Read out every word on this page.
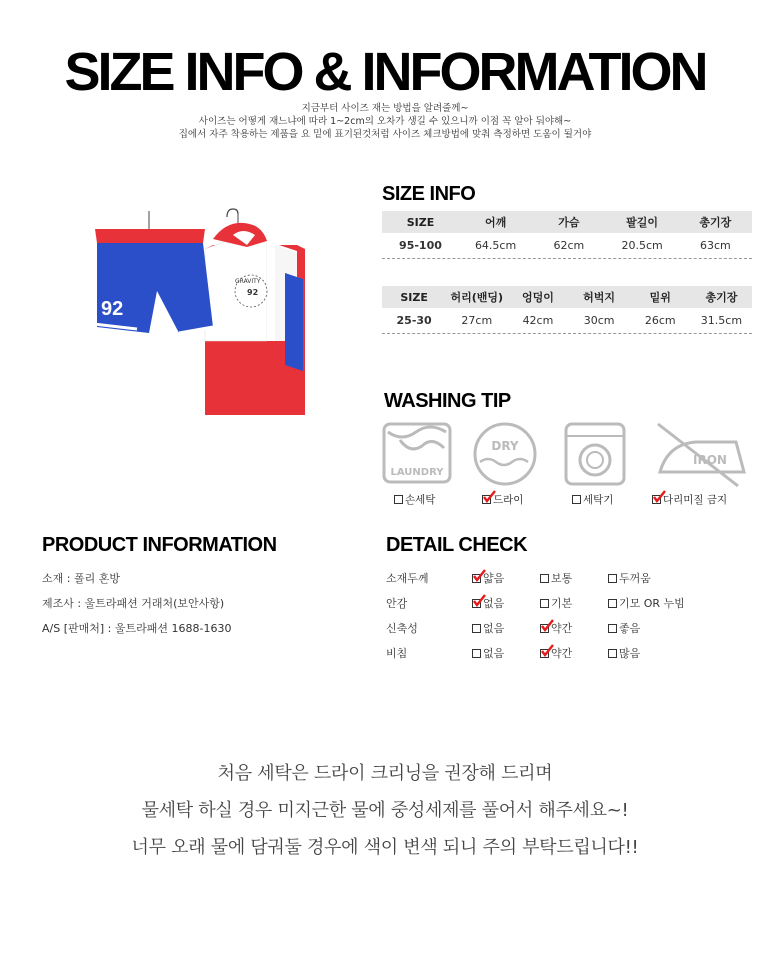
SIZE INFO & INFORMATION
지금부터 사이즈 재는 방법을 알려줄께~
사이즈는 어떻게 재느냐에 따라 1~2cm의 오차가 생길 수 있으니까 이점 꼭 알아 둬야해~
집에서 자주 착용하는 제품을 요 밑에 표기된것처럼 사이즈 체크방법에 맞춰 측정하면 도움이 될거야
GRAVITY
92
92
SIZE INFO
SIZE	어깨	가슴	팔길이	총기장
95-100	64.5cm	62cm	20.5cm	63cm
SIZE	허리(밴딩)	엉덩이	허벅지	밑위	총기장
25-30	27cm	42cm	30cm	26cm	31.5cm
WASHING TIP
LAUNDRY
DRY
IRON
손세탁	드라이	세탁기	다리미질 금지
PRODUCT INFORMATION
소재 : 폴리 혼방
제조사 : 울트라패션 거래처(보안사항)
A/S [판매처] : 울트라패션 1688-1630
DETAIL CHECK
소재두께	얇음	보통	두꺼움
안감	없음	기본	기모 OR 누빔
신축성	없음	약간	좋음
비침	없음	약간	많음
처음 세탁은 드라이 크리닝을 권장해 드리며
물세탁 하실 경우 미지근한 물에 중성세제를 풀어서 해주세요~!
너무 오래 물에 담궈둘 경우에 색이 변색 되니 주의 부탁드립니다!!
